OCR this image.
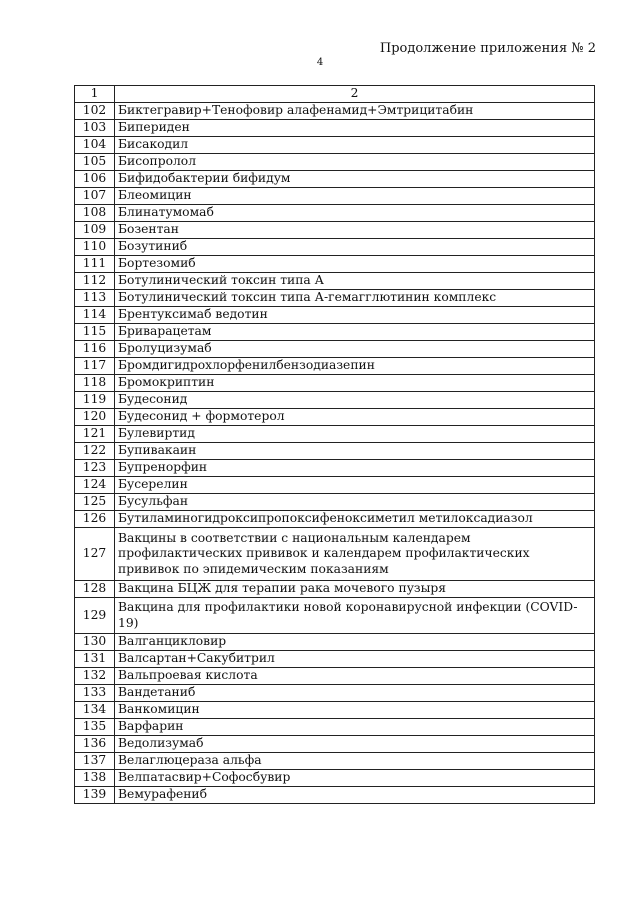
Продолжение приложения № 2
4
1	2
102	Биктегравир+Тенофовир алафенамид+Эмтрицитабин
103	Бипериден
104	Бисакодил
105	Бисопролол
106	Бифидобактерии бифидум
107	Блеомицин
108	Блинатумомаб
109	Бозентан
110	Бозутиниб
111	Бортезомиб
112	Ботулинический токсин типа А
113	Ботулинический токсин типа А-гемагглютинин комплекс
114	Брентуксимаб ведотин
115	Бриварацетам
116	Бролуцизумаб
117	Бромдигидрохлорфенилбензодиазепин
118	Бромокриптин
119	Будесонид
120	Будесонид + формотерол
121	Булевиртид
122	Бупивакаин
123	Бупренорфин
124	Бусерелин
125	Бусульфан
126	Бутиламиногидроксипропоксифеноксиметил метилоксадиазол
127	Вакцины в соответствии с национальным календарем профилактических прививок и календарем профилактических прививок по эпидемическим показаниям
128	Вакцина БЦЖ для терапии рака мочевого пузыря
129	Вакцина для профилактики новой коронавирусной инфекции (COVID-19)
130	Валганцикловир
131	Валсартан+Сакубитрил
132	Вальпроевая кислота
133	Вандетаниб
134	Ванкомицин
135	Варфарин
136	Ведолизумаб
137	Велаглюцераза альфа
138	Велпатасвир+Софосбувир
139	Вемурафениб
